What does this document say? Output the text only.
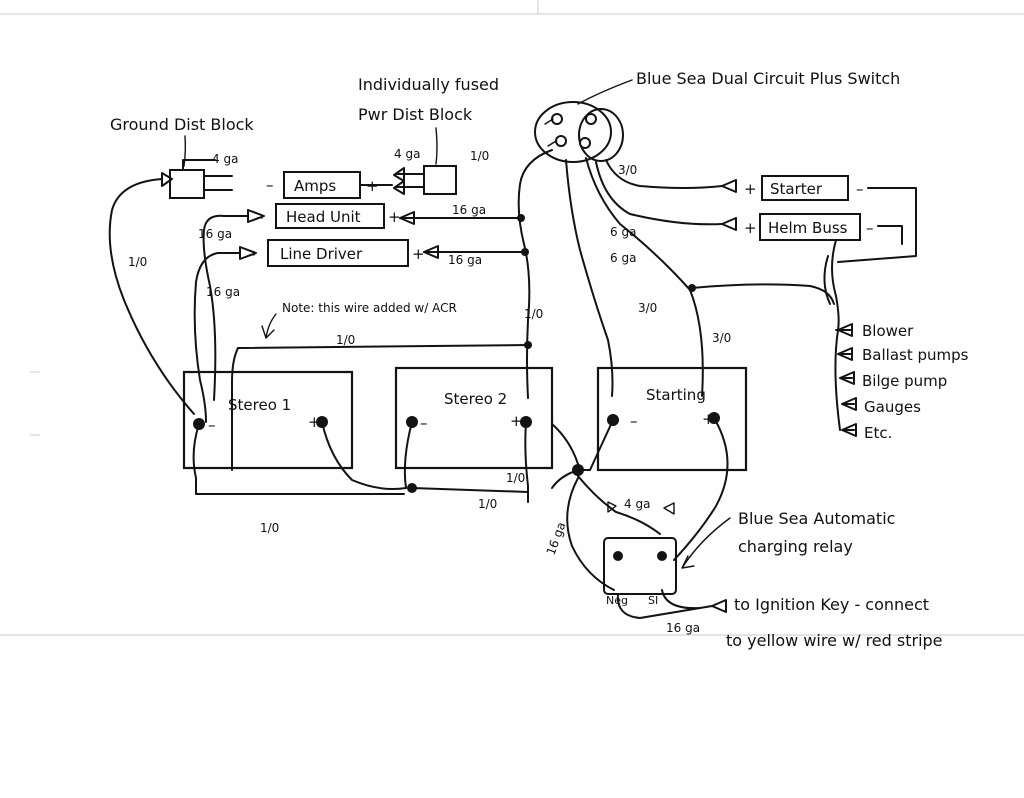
Ground Dist Block
4 ga
Individually fused
Pwr Dist Block
4 ga	1/0
Amps
–	+
Head Unit
–	+	16 ga
Line Driver
–	+ 16 ga
16 ga
16 ga
1/0
Blue Sea Dual Circuit Plus Switch
3/0
6 ga
6 ga
3/0
3/0
1/0
Starter
+	–
Helm Buss
+	–
Blower
Ballast pumps
Bilge pump
Gauges
Etc.
Note: this wire added w/ ACR
1/0
Stereo 1
–	+
Stereo 2
–	+
Starting
–	+
1/0
1/0
1/0
Neg SI
4 ga
16 ga
Blue Sea Automatic
charging relay
16 ga
to Ignition Key - connect
to yellow wire w/ red stripe
